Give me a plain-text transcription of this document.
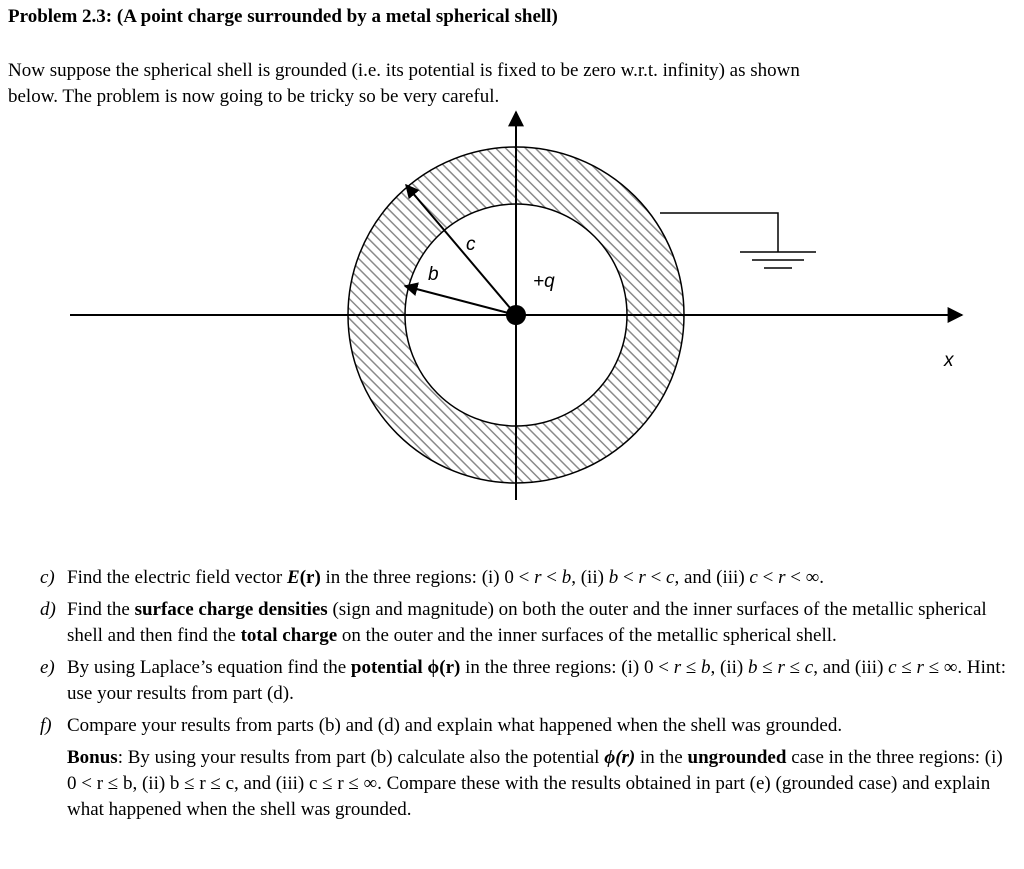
Problem 2.3: (A point charge surrounded by a metal spherical shell)

Now suppose the spherical shell is grounded (i.e. its potential is fixed to be zero w.r.t. infinity) as shown

below. The problem is now going to be tricky so be very careful.

c
b	+q
x
c) Find the electric field vector E(r) in the three regions: (i) 0 < r < b, (ii) b < r < c, and (iii) c < r < ∞.
d) Find the surface charge densities (sign and magnitude) on both the outer and the inner surfaces of the metallic spherical shell and then find the total charge on the outer and the inner surfaces of the metallic spherical shell.
e) By using Laplace’s equation find the potential ϕ(r) in the three regions: (i) 0 < r ≤ b, (ii) b ≤ r ≤ c, and (iii) c ≤ r ≤ ∞. Hint: use your results from part (d).
f) Compare your results from parts (b) and (d) and explain what happened when the shell was grounded.
Bonus: By using your results from part (b) calculate also the potential ϕ(r) in the ungrounded case in the three regions: (i) 0 < r ≤ b, (ii) b ≤ r ≤ c, and (iii) c ≤ r ≤ ∞. Compare these with the results obtained in part (e) (grounded case) and explain what happened when the shell was grounded.
